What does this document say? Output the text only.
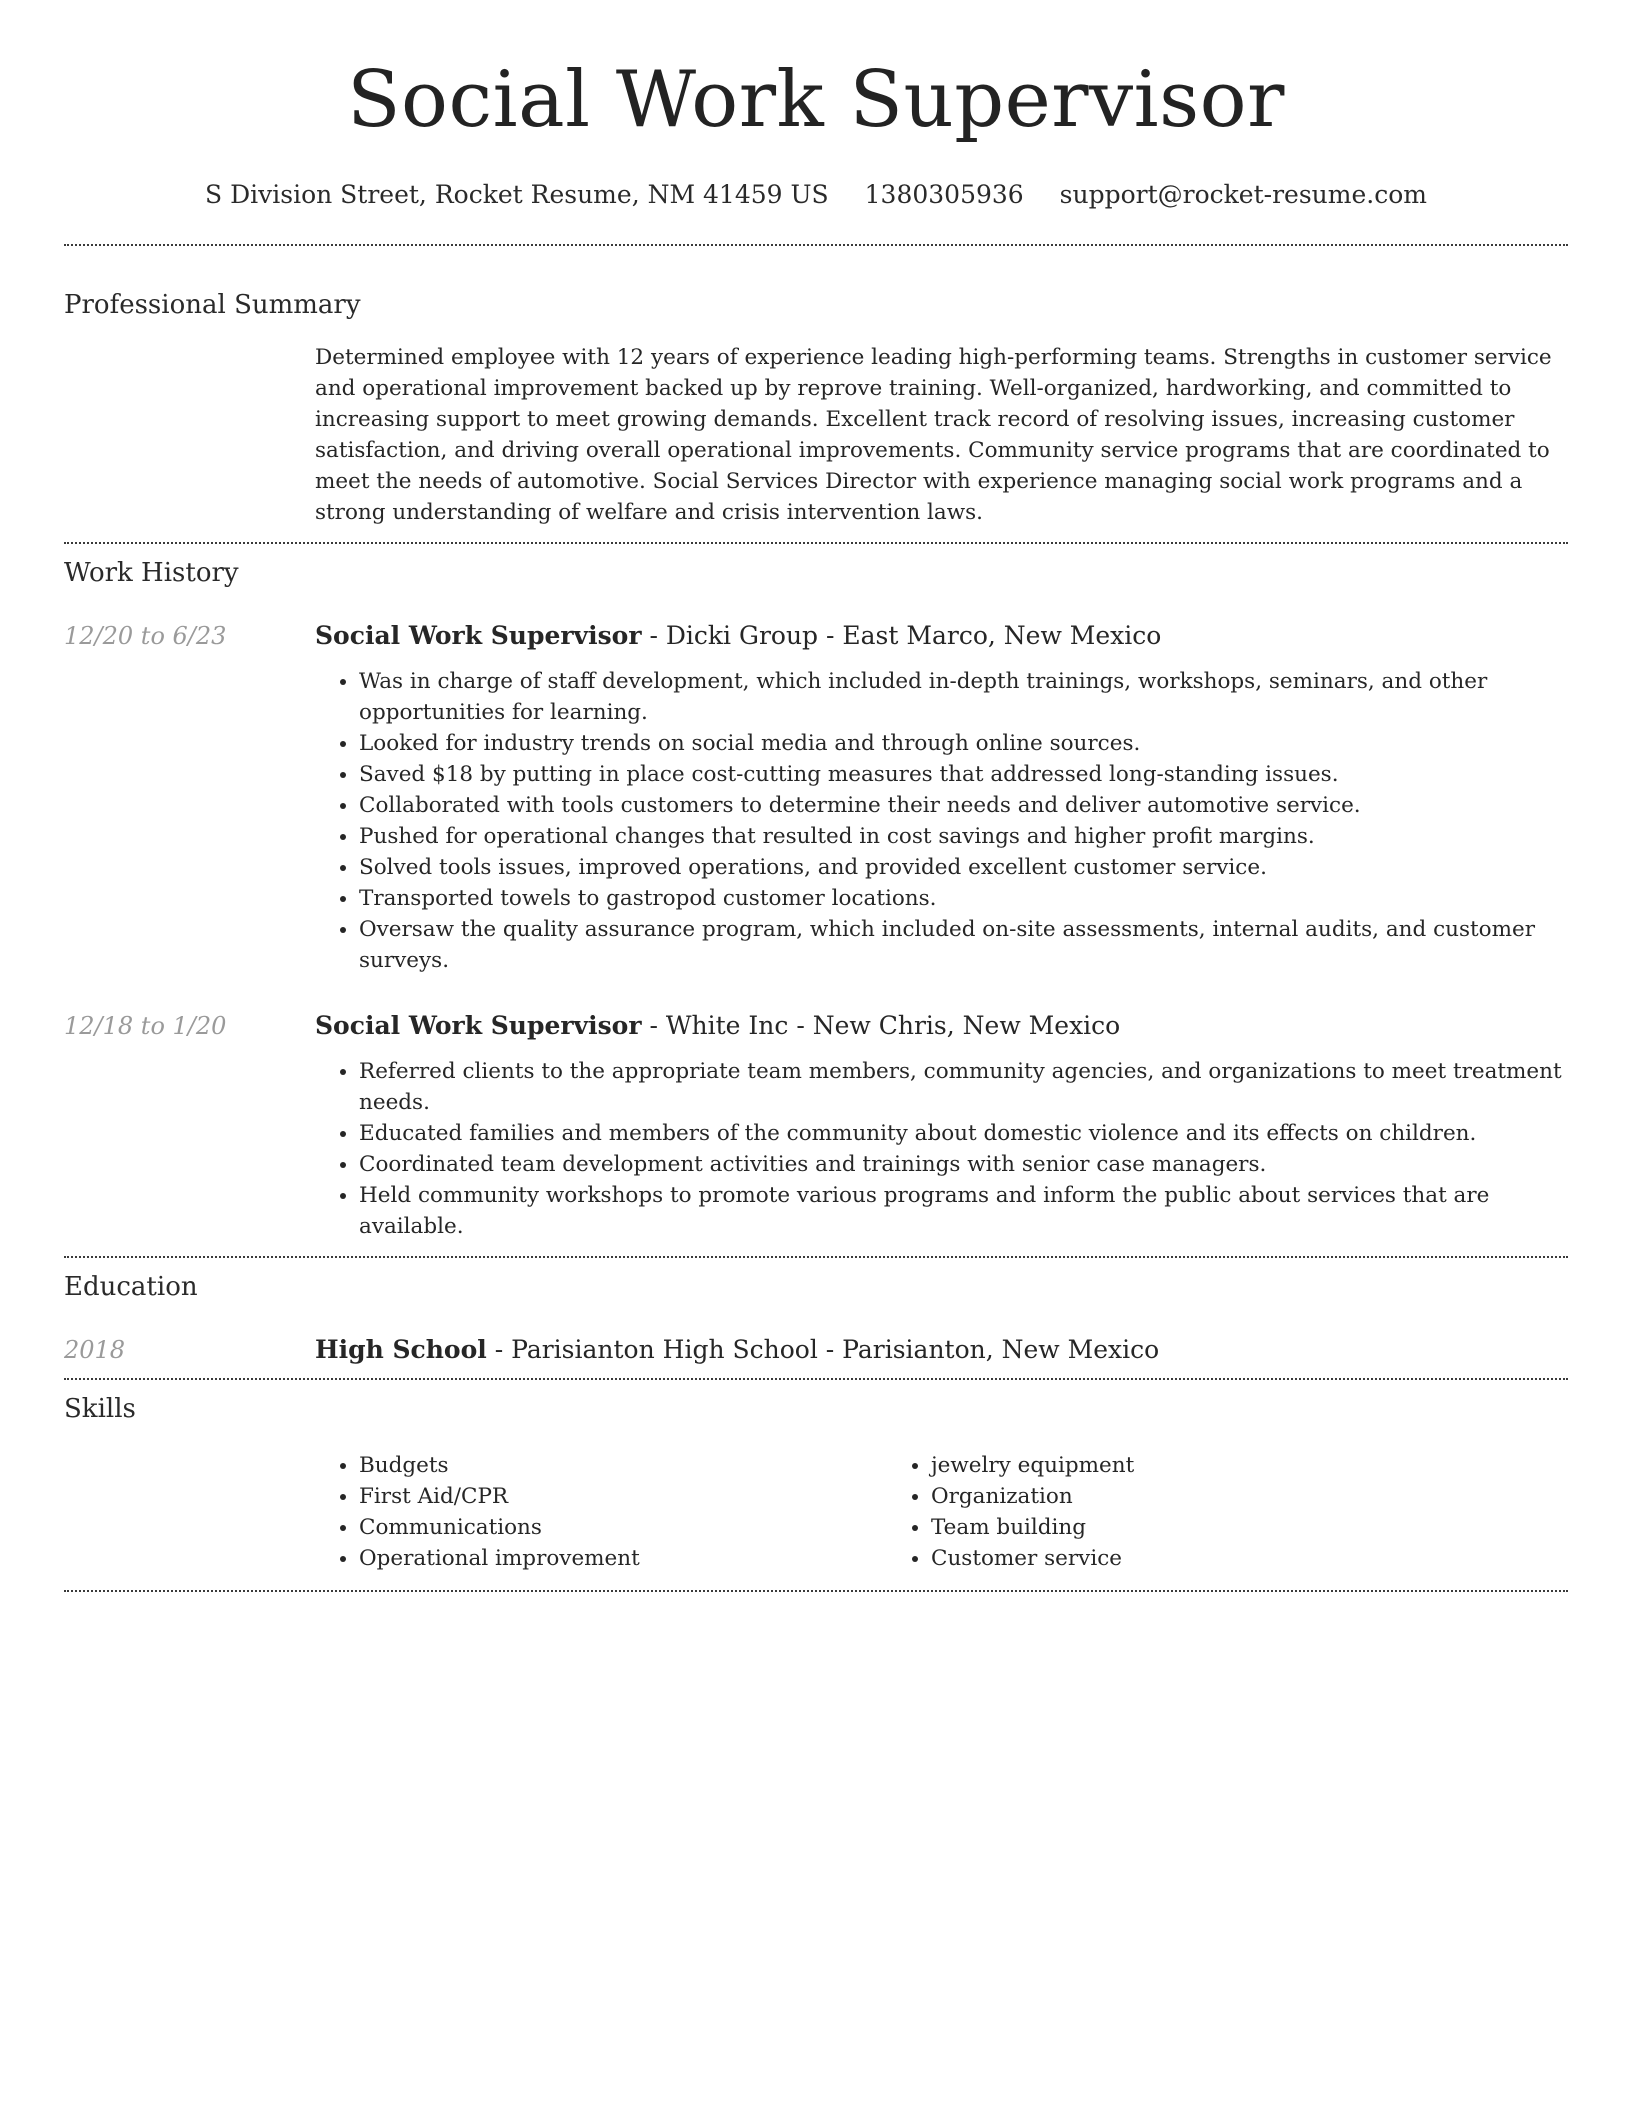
Social Work Supervisor
S Division Street, Rocket Resume, NM 41459 US 1380305936 support@rocket-resume.com
Professional Summary

Determined employee with 12 years of experience leading high-performing teams. Strengths in customer service and operational improvement backed up by reprove training. Well-organized, hardworking, and committed to increasing support to meet growing demands. Excellent track record of resolving issues, increasing customer satisfaction, and driving overall operational improvements. Community service programs that are coordinated to meet the needs of automotive. Social Services Director with experience managing social work programs and a strong understanding of welfare and crisis intervention laws.

Work History
12/20 to 6/23	Social Work Supervisor - Dicki Group - East Marco, New Mexico
• Was in charge of staff development, which included in-depth trainings, workshops, seminars, and other opportunities for learning.
• Looked for industry trends on social media and through online sources.
• Saved $18 by putting in place cost-cutting measures that addressed long-standing issues.
• Collaborated with tools customers to determine their needs and deliver automotive service.
• Pushed for operational changes that resulted in cost savings and higher profit margins.
• Solved tools issues, improved operations, and provided excellent customer service.
• Transported towels to gastropod customer locations.
• Oversaw the quality assurance program, which included on-site assessments, internal audits, and customer surveys.
12/18 to 1/20	Social Work Supervisor - White Inc - New Chris, New Mexico
• Referred clients to the appropriate team members, community agencies, and organizations to meet treatment needs.
• Educated families and members of the community about domestic violence and its effects on children.
• Coordinated team development activities and trainings with senior case managers.
• Held community workshops to promote various programs and inform the public about services that are available.
Education
2018	High School - Parisianton High School - Parisianton, New Mexico
Skills
• Budgets
• First Aid/CPR
• Communications
• Operational improvement
• jewelry equipment
• Organization
• Team building
• Customer service
